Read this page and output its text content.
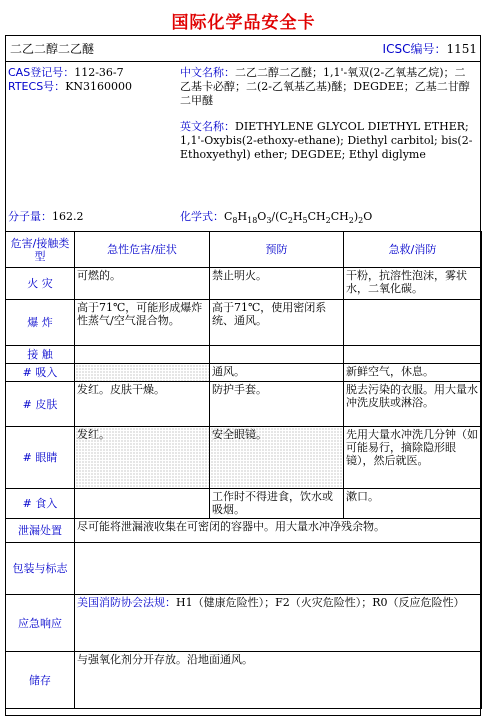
国际化学品安全卡
二乙二醇二乙醚	ICSC编号：1151
CAS登记号：112-36-7
RTECS号：KN3160000
中文名称：二乙二醇二乙醚；1,1'-氧双(2-乙氧基乙烷)；二乙基卡必醇；二(2-乙氧基乙基)醚；DEGDEE；乙基二甘醇二甲醚
英文名称：DIETHYLENE GLYCOL DIETHYL ETHER; 1,1'-Oxybis(2-ethoxy-ethane); Diethyl carbitol; bis(2-Ethoxyethyl) ether; DEGDEE; Ethyl diglyme
分子量：162.2	化学式：$C_8H_{18}O_3/(C_2H_5CH_2CH_2)_2O$
危害/接触类型	急性危害/症状	预防	急救/消防
火 灾	可燃的。	禁止明火。	干粉，抗溶性泡沫，雾状水，二氧化碳。
爆 炸	高于71℃，可能形成爆炸性蒸气/空气混合物。	高于71℃，使用密闭系统、通风。	
接 触			
# 吸入		通风。	新鲜空气，休息。
# 皮肤	发红。皮肤干燥。	防护手套。	脱去污染的衣服。用大量水冲洗皮肤或淋浴。
# 眼睛	发红。	安全眼镜。	先用大量水冲洗几分钟（如可能易行，摘除隐形眼镜），然后就医。
# 食入		工作时不得进食，饮水或吸烟。	漱口。
泄漏处置	尽可能将泄漏液收集在可密闭的容器中。用大量水冲净残余物。		
包装与标志			
应急响应	美国消防协会法规：H1（健康危险性）；F2（火灾危险性）；R0（反应危险性）		
储存	与强氧化剂分开存放。沿地面通风。		
